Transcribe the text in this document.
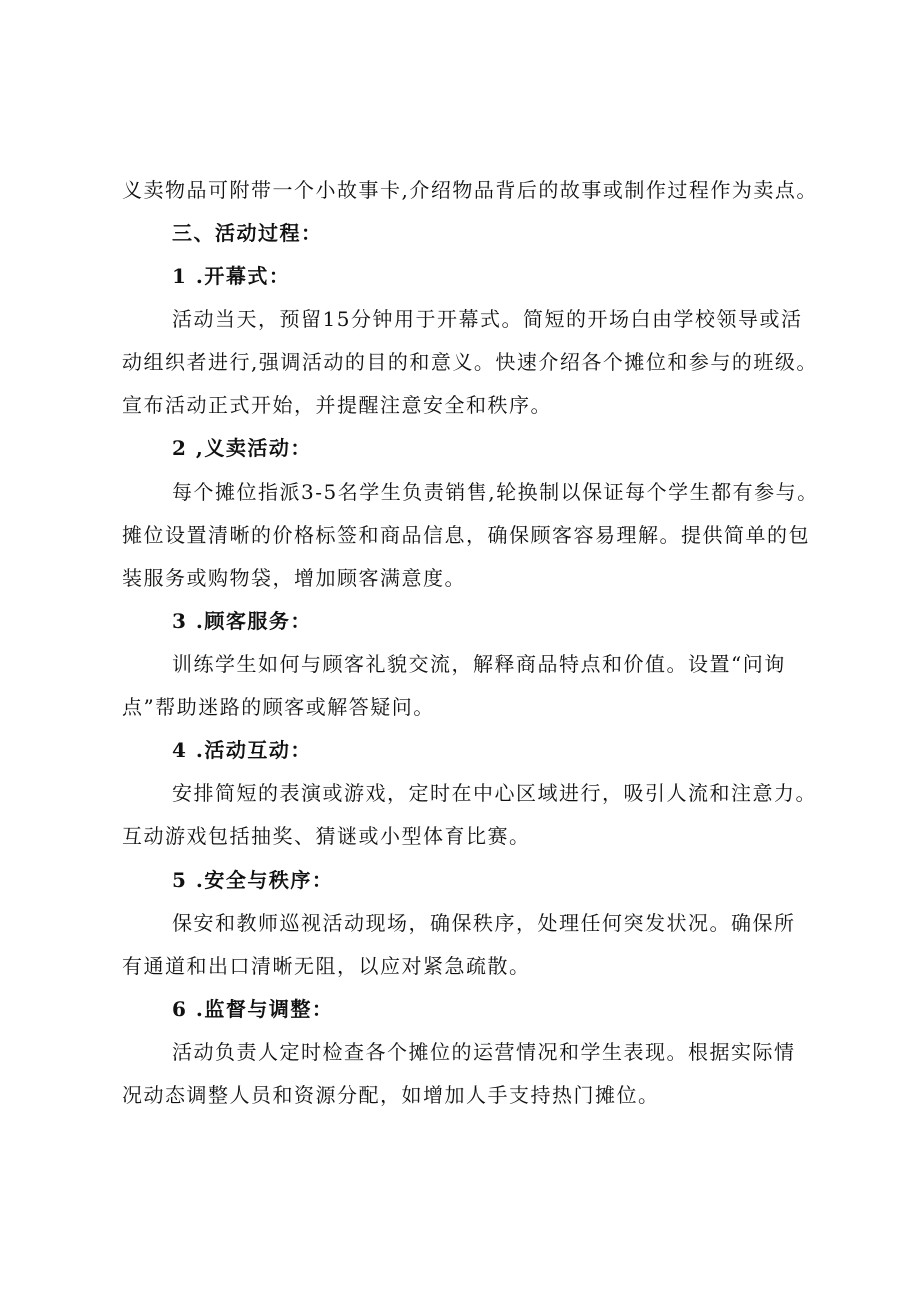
义卖物品可附带一个小故事卡,介绍物品背后的故事或制作过程作为卖点。
三、活动过程：
1 .开幕式：
活动当天，预留15分钟用于开幕式。简短的开场白由学校领导或活
动组织者进行,强调活动的目的和意义。快速介绍各个摊位和参与的班级。
宣布活动正式开始，并提醒注意安全和秩序。
2 ,义卖活动：
每个摊位指派3-5名学生负责销售,轮换制以保证每个学生都有参与。
摊位设置清晰的价格标签和商品信息，确保顾客容易理解。提供简单的包
装服务或购物袋，增加顾客满意度。
3 .顾客服务：
训练学生如何与顾客礼貌交流，解释商品特点和价值。设置“问询
点”帮助迷路的顾客或解答疑问。
4 .活动互动：
安排简短的表演或游戏，定时在中心区域进行，吸引人流和注意力。
互动游戏包括抽奖、猜谜或小型体育比赛。
5 .安全与秩序：
保安和教师巡视活动现场，确保秩序，处理任何突发状况。确保所
有通道和出口清晰无阻，以应对紧急疏散。
6 .监督与调整：
活动负责人定时检查各个摊位的运营情况和学生表现。根据实际情
况动态调整人员和资源分配，如增加人手支持热门摊位。
